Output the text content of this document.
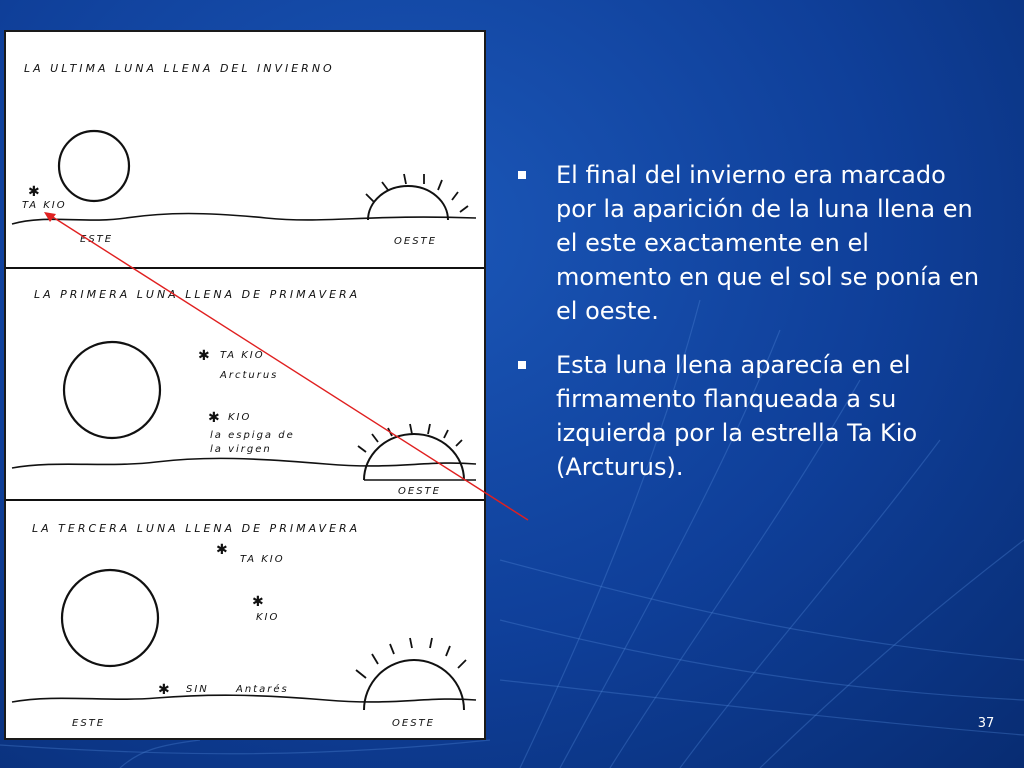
LA ULTIMA LUNA LLENA DEL INVIERNO
✱
TA KIO
ESTE	OESTE
LA PRIMERA LUNA LLENA DE PRIMAVERA
✱ TA KIO
Arcturus
✱ KIO
la espiga de
la virgen
OESTE
LA TERCERA LUNA LLENA DE PRIMAVERA
✱
TA KIO
✱
KIO
✱ SIN	Antarés
ESTE	OESTE
El final del invierno era marcado por la aparición de la luna llena en el este exactamente en el momento en que el sol se ponía en el oeste.
Esta luna llena aparecía en el firmamento flanqueada a su izquierda por la estrella Ta Kio (Arcturus).
37
